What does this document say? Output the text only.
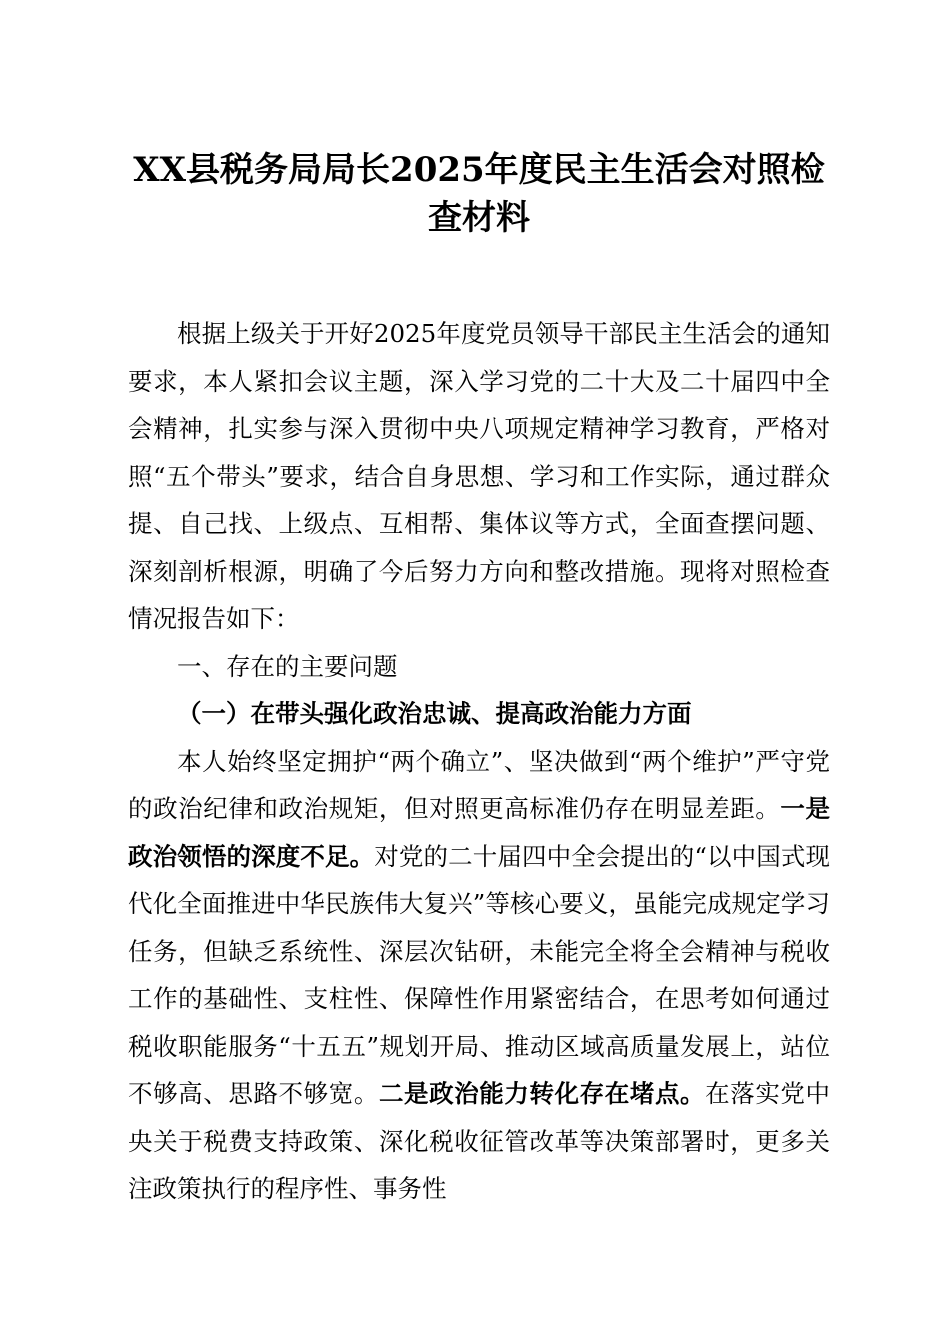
XX县税务局局长2025年度民主生活会对照检查材料

根据上级关于开好2025年度党员领导干部民主生活会的通知要求，本人紧扣会议主题，深入学习党的二十大及二十届四中全会精神，扎实参与深入贯彻中央八项规定精神学习教育，严格对照“五个带头”要求，结合自身思想、学习和工作实际，通过群众提、自己找、上级点、互相帮、集体议等方式，全面查摆问题、深刻剖析根源，明确了今后努力方向和整改措施。现将对照检查情况报告如下：

一、存在的主要问题
（一）在带头强化政治忠诚、提高政治能力方面

本人始终坚定拥护“两个确立”、坚决做到“两个维护”严守党的政治纪律和政治规矩，但对照更高标准仍存在明显差距。一是政治领悟的深度不足。对党的二十届四中全会提出的“以中国式现代化全面推进中华民族伟大复兴”等核心要义，虽能完成规定学习任务，但缺乏系统性、深层次钻研，未能完全将全会精神与税收工作的基础性、支柱性、保障性作用紧密结合，在思考如何通过税收职能服务“十五五”规划开局、推动区域高质量发展上，站位不够高、思路不够宽。二是政治能力转化存在堵点。在落实党中央关于税费支持政策、深化税收征管改革等决策部署时，更多关注政策执行的程序性、事务性
